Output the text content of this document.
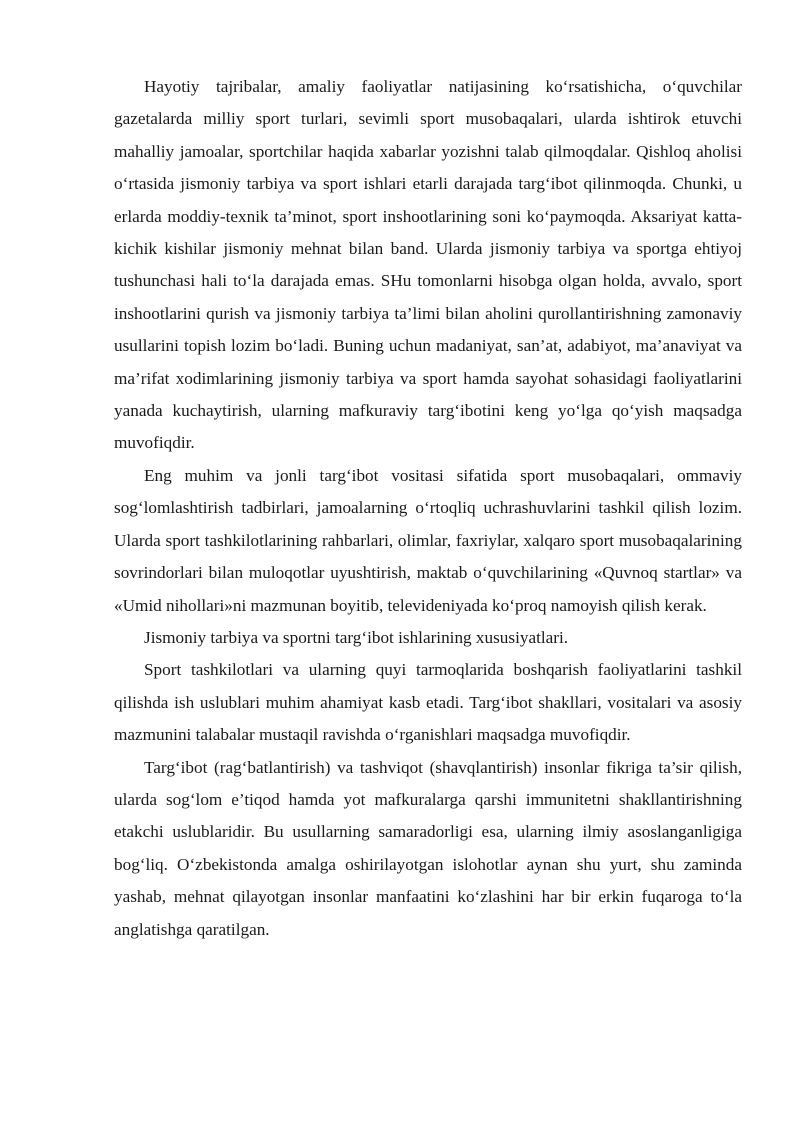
Hayotiy tajribalar, amaliy faoliyatlar natijasining ko‘rsatishicha, o‘quvchilar gazetalarda milliy sport turlari, sevimli sport musobaqalari, ularda ishtirok etuvchi mahalliy jamoalar, sportchilar haqida xabarlar yozishni talab qilmoqdalar. Qishloq aholisi o‘rtasida jismoniy tarbiya va sport ishlari etarli darajada targ‘ibot qilinmoqda. Chunki, u erlarda moddiy-texnik ta’minot, sport inshootlarining soni ko‘paymoqda. Aksariyat katta-kichik kishilar jismoniy mehnat bilan band. Ularda jismoniy tarbiya va sportga ehtiyoj tushunchasi hali to‘la darajada emas. SHu tomonlarni hisobga olgan holda, avvalo, sport inshootlarini qurish va jismoniy tarbiya ta’limi bilan aholini qurollantirishning zamonaviy usullarini topish lozim bo‘ladi. Buning uchun madaniyat, san’at, adabiyot, ma’anaviyat va ma’rifat xodimlarining jismoniy tarbiya va sport hamda sayohat sohasidagi faoliyatlarini yanada kuchaytirish, ularning mafkuraviy targ‘ibotini keng yo‘lga qo‘yish maqsadga muvofiqdir.

Eng muhim va jonli targ‘ibot vositasi sifatida sport musobaqalari, ommaviy sog‘lomlashtirish tadbirlari, jamoalarning o‘rtoqliq uchrashuvlarini tashkil qilish lozim. Ularda sport tashkilotlarining rahbarlari, olimlar, faxriylar, xalqaro sport musobaqalarining sovrindorlari bilan muloqotlar uyushtirish, maktab o‘quvchilarining «Quvnoq startlar» va «Umid nihollari»ni mazmunan boyitib, televideniyada ko‘proq namoyish qilish kerak.

Jismoniy tarbiya va sportni targ‘ibot ishlarining xususiyatlari.

Sport tashkilotlari va ularning quyi tarmoqlarida boshqarish faoliyatlarini tashkil qilishda ish uslublari muhim ahamiyat kasb etadi. Targ‘ibot shakllari, vositalari va asosiy mazmunini talabalar mustaqil ravishda o‘rganishlari maqsadga muvofiqdir.

Targ‘ibot (rag‘batlantirish) va tashviqot (shavqlantirish) insonlar fikriga ta’sir qilish, ularda sog‘lom e’tiqod hamda yot mafkuralarga qarshi immunitetni shakllantirishning etakchi uslublaridir. Bu usullarning samaradorligi esa, ularning ilmiy asoslanganligiga bog‘liq. O‘zbekistonda amalga oshirilayotgan islohotlar aynan shu yurt, shu zaminda yashab, mehnat qilayotgan insonlar manfaatini ko‘zlashini har bir erkin fuqaroga to‘la anglatishga qaratilgan.
